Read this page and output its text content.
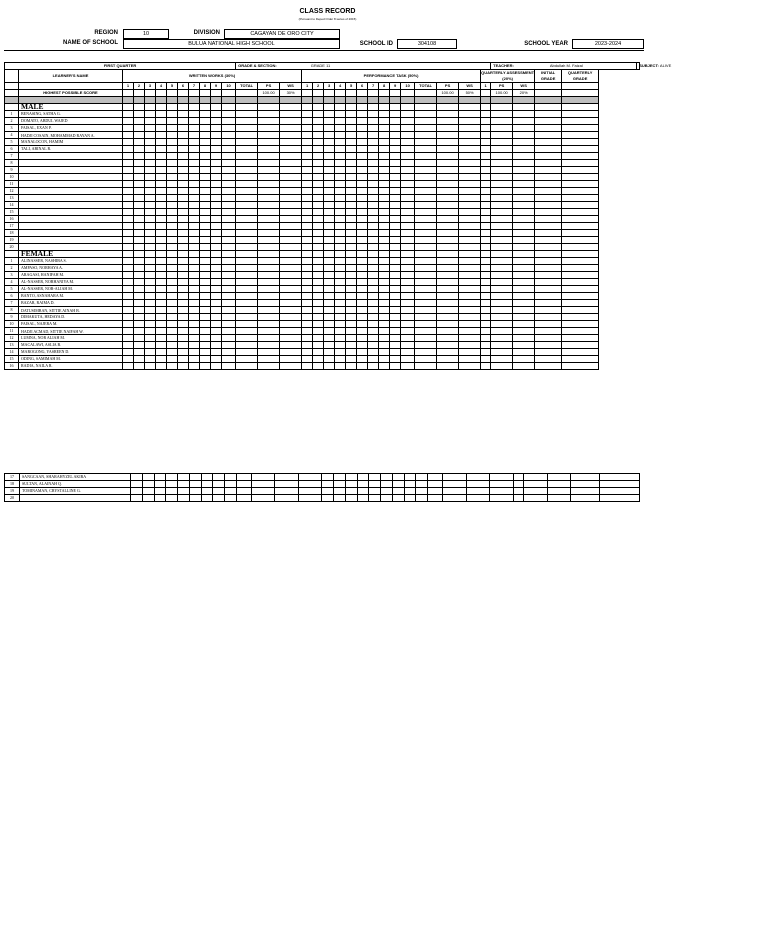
CLASS RECORD
(Pursuant to Deped Order 8 series of 2015)
REGION	10	DIVISION	CAGAYAN DE ORO CITY
NAME OF SCHOOL	BULUA NATIONAL HIGH SCHOOL	SCHOOL ID	304108	SCHOOL YEAR	2023-2024
FIRST QUARTER												GRADE & SECTION: GRADE 11																	TEACHER: Abdullah M. Faizal				SUBJECT: ALIVE
	LEARNER'S NAME	WRITTEN WORKS (30%)													PERFORMANCE TASK (50%)													QUARTERLY ASSESSMENT (20%)			INITIAL GRADE	QUARTERLY GRADE	
		1	2	3	4	5	6	7	8	9	10	TOTAL	PS	WS	1	2	3	4	5	6	7	8	9	10	TOTAL	PS	WS	1	PS	WS			
	HIGHEST POSSIBLE SCORE												100.00	30%												100.00	50%		100.00	20%			

	MALE																																
1	BENASING, SATHA G.																																
2	DOMATO, ABDUL WAJED																																
3	FAISAL, EXAN P.																																
4	HADJI COSAIN, MOHAMMAD RAYAN A.																																
5	MANALOCON, HAMIM																																
6	TALI, ABINAL R.																																
7																																	
8																																	
9																																	
10																																	
11																																	
12																																	
13																																	
14																																	
15																																	
16																																	
17																																	
18																																	
19																																	
20																																	
	FEMALE																																
1	ALINASSER, NASHIBA S.																																
2	AMPASO, NORHAYA A.																																
3	ARAGASI, HANIFAH M.																																
4	AL-NASSER, NORHANIYA M.																																
5	AL-NASSER, NOR-ALIAH M.																																
6	BANTO, ASNAHARA M.																																
7	BAZAR, RAIMA D.																																
8	DATUSIMBAN, SITTIE AINAH B.																																
9	DIMAKUTA, HEDAYA D.																																
10	FAISAL, NAJERA M.																																
11	HADJI ACMAD, SITTIE NAIFAH W.																																
12	LUMNA, NOR ALIAH M.																																
13	MACALAWI, ASLIA B.																																
14	MAROGONG, YASREEN D.																																
15	ODING, SAMIMAH M.																																
16	RADIA, NAILA R.																																
17	SANGCAAN, SHARAHYZEL AKIRA																															
18	SULTAN, ALAINAH Q.																															
19	TOMINAMAN, CRYSTALLINE G.																															
20																																
